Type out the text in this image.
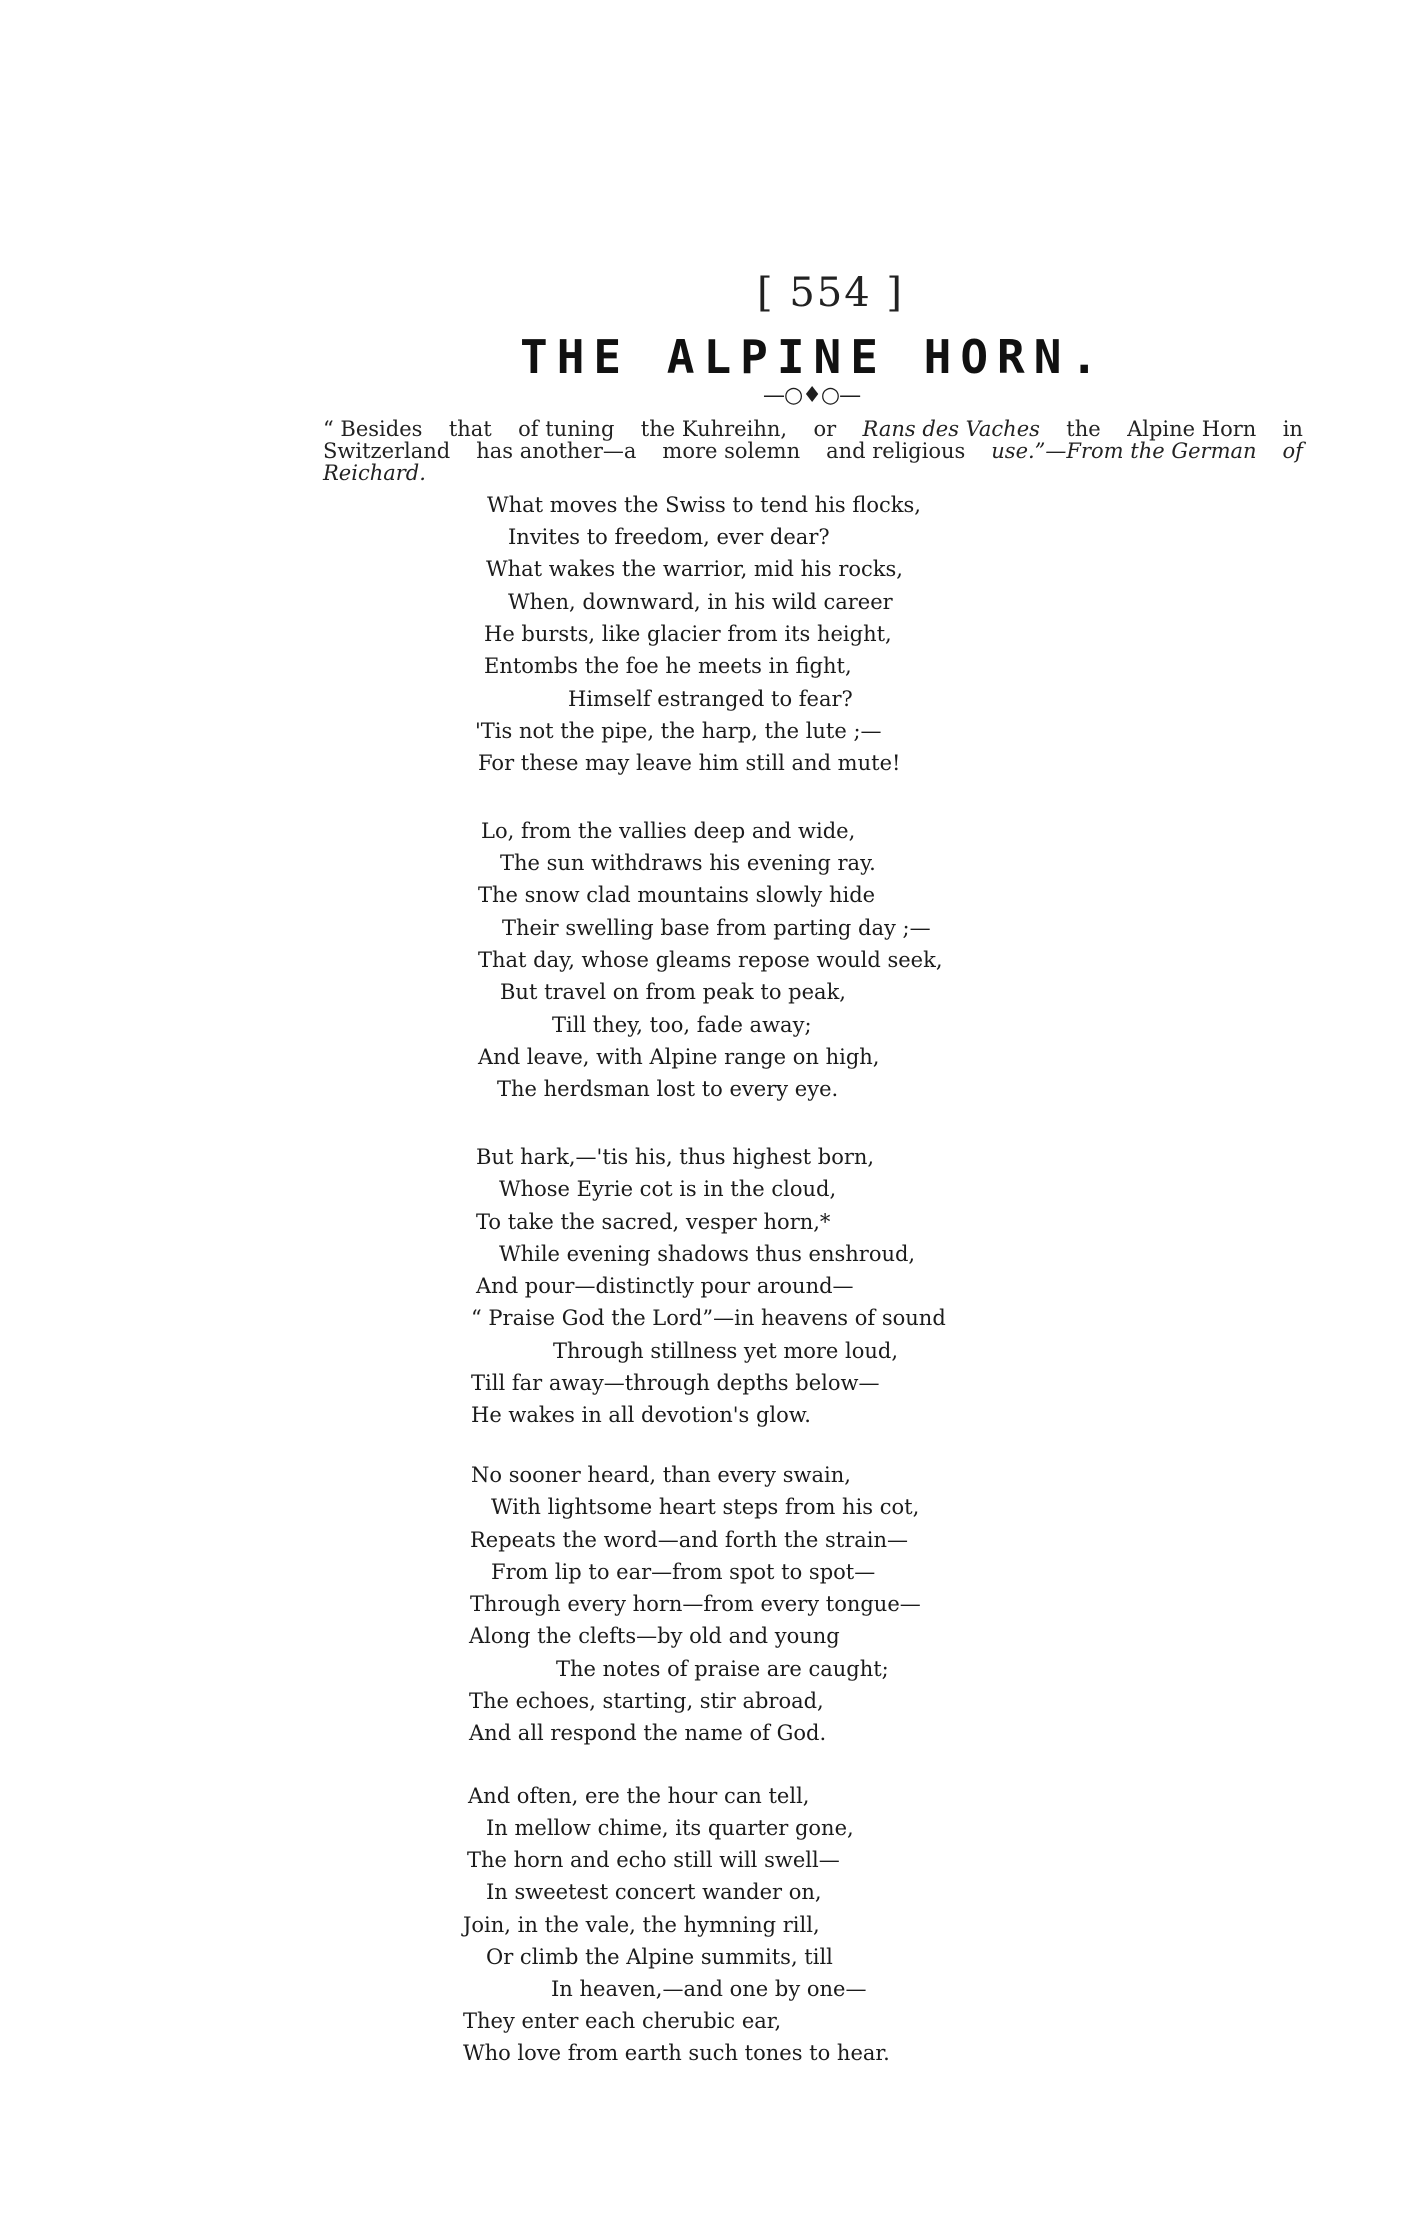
[ 554 ]
THE ALPINE HORN.
—○♦○—
“ Besides that of tuning the Kuhreihn, or Rans des Vaches the Alpine Horn in
Switzerland has another—a more solemn and religious use.”—From the German of
Reichard.
What moves the Swiss to tend his flocks,
Invites to freedom, ever dear?
What wakes the warrior, mid his rocks,
When, downward, in his wild career
He bursts, like glacier from its height,
Entombs the foe he meets in fight,
Himself estranged to fear?
'Tis not the pipe, the harp, the lute ;—
For these may leave him still and mute!
Lo, from the vallies deep and wide,
The sun withdraws his evening ray.
The snow clad mountains slowly hide
Their swelling base from parting day ;—
That day, whose gleams repose would seek,
But travel on from peak to peak,
Till they, too, fade away;
And leave, with Alpine range on high,
The herdsman lost to every eye.
But hark,—'tis his, thus highest born,
Whose Eyrie cot is in the cloud,
To take the sacred, vesper horn,*
While evening shadows thus enshroud,
And pour—distinctly pour around—
“ Praise God the Lord”—in heavens of sound
Through stillness yet more loud,
Till far away—through depths below—
He wakes in all devotion's glow.
No sooner heard, than every swain,
With lightsome heart steps from his cot,
Repeats the word—and forth the strain—
From lip to ear—from spot to spot—
Through every horn—from every tongue—
Along the clefts—by old and young
The notes of praise are caught;
The echoes, starting, stir abroad,
And all respond the name of God.
And often, ere the hour can tell,
In mellow chime, its quarter gone,
The horn and echo still will swell—
In sweetest concert wander on,
Join, in the vale, the hymning rill,
Or climb the Alpine summits, till
In heaven,—and one by one—
They enter each cherubic ear,
Who love from earth such tones to hear.
